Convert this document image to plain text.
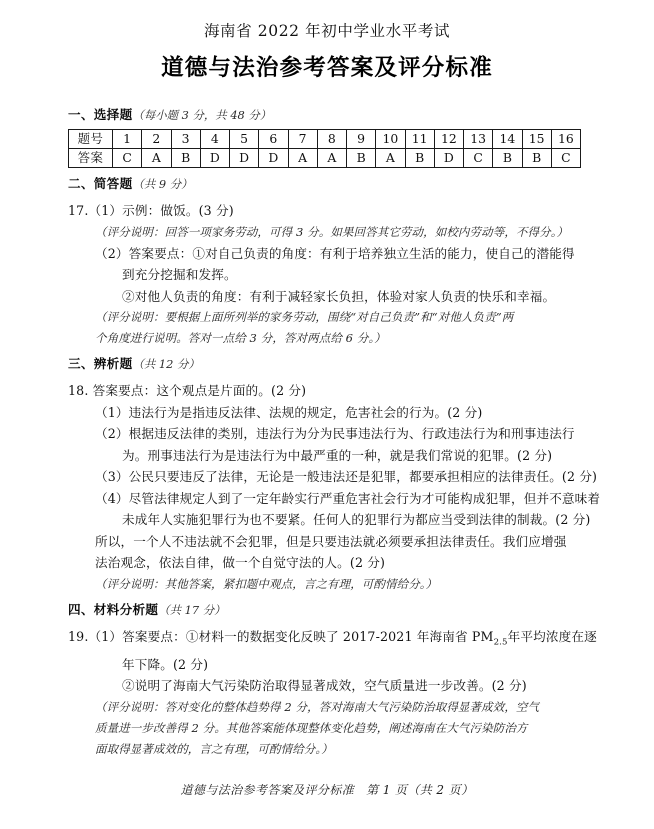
海南省 2022 年初中学业水平考试
道德与法治参考答案及评分标准
一、选择题（每小题 3 分，共 48 分）
题号	1	2	3	4	5	6	7	8	9	10	11	12	13	14	15	16
答案	C	A	B	D	D	D	A	A	B	A	B	D	C	B	B	C
二、简答题（共 9 分）

17.（1）示例：做饭。(3 分)

（评分说明：回答一项家务劳动，可得 3 分。如果回答其它劳动，如校内劳动等，不得分。）

（2）答案要点：①对自己负责的角度：有利于培养独立生活的能力，使自己的潜能得

到充分挖掘和发挥。

②对他人负责的角度：有利于减轻家长负担，体验对家人负责的快乐和幸福。

（评分说明：要根据上面所列举的家务劳动，围绕“对自己负责”和“对他人负责”两

个角度进行说明。答对一点给 3 分，答对两点给 6 分。）

三、辨析题（共 12 分）

18. 答案要点：这个观点是片面的。(2 分)

（1）违法行为是指违反法律、法规的规定，危害社会的行为。(2 分)

（2）根据违反法律的类别，违法行为分为民事违法行为、行政违法行为和刑事违法行

为。刑事违法行为是违法行为中最严重的一种，就是我们常说的犯罪。(2 分)

（3）公民只要违反了法律，无论是一般违法还是犯罪，都要承担相应的法律责任。(2 分)

（4）尽管法律规定人到了一定年龄实行严重危害社会行为才可能构成犯罪，但并不意味着

未成年人实施犯罪行为也不要紧。任何人的犯罪行为都应当受到法律的制裁。(2 分)

所以，一个人不违法就不会犯罪，但是只要违法就必须要承担法律责任。我们应增强

法治观念，依法自律，做一个自觉守法的人。(2 分)

（评分说明：其他答案，紧扣题中观点，言之有理，可酌情给分。）

四、材料分析题（共 17 分）

19.（1）答案要点：①材料一的数据变化反映了 2017-2021 年海南省 $PM_{2.5}$年平均浓度在逐

年下降。(2 分)

②说明了海南大气污染防治取得显著成效，空气质量进一步改善。(2 分)

（评分说明：答对变化的整体趋势得 2 分，答对海南大气污染防治取得显著成效，空气

质量进一步改善得 2 分。其他答案能体现整体变化趋势，阐述海南在大气污染防治方

面取得显著成效的，言之有理，可酌情给分。）

道德与法治参考答案及评分标准 第 1 页（共 2 页）
